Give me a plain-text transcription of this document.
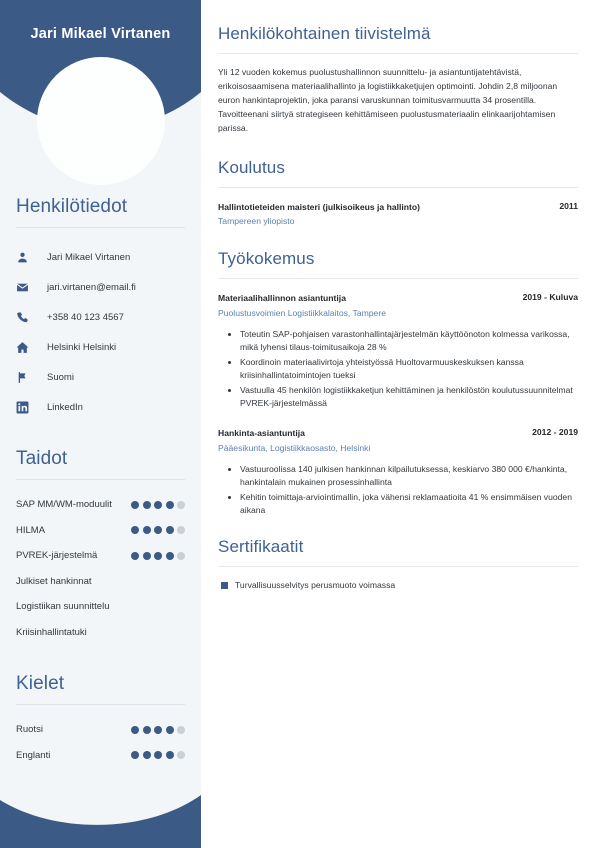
Jari Mikael Virtanen
Henkilötiedot
Jari Mikael Virtanen
jari.virtanen@email.fi
+358 40 123 4567
Helsinki Helsinki
Suomi
LinkedIn
Taidot
SAP MM/WM-moduulit
HILMA
PVREK-järjestelmä
Julkiset hankinnat
Logistiikan suunnittelu
Kriisinhallintatuki
Kielet
Ruotsi
Englanti
Henkilökohtainen tiivistelmä

Yli 12 vuoden kokemus puolustushallinnon suunnittelu- ja asiantuntijatehtävistä, erikoisosaamisena materiaalihallinto ja logistiikkaketjujen optimointi. Johdin 2,8 miljoonan euron hankintaprojektin, joka paransi varuskunnan toimitusvarmuutta 34 prosentilla. Tavoitteenani siirtyä strategiseen kehittämiseen puolustusmateriaalin elinkaarijohtamisen parissa.

Koulutus
Hallintotieteiden maisteri (julkisoikeus ja hallinto)	2011
Tampereen yliopisto
Työkokemus
Materiaalihallinnon asiantuntija	2019 - Kuluva
Puolustusvoimien Logistiikkalaitos, Tampere
• Toteutin SAP-pohjaisen varastonhallintajärjestelmän käyttöönoton kolmessa varikossa, mikä lyhensi tilaus-toimitusaikoja 28 %
• Koordinoin materiaalivirtoja yhteistyössä Huoltovarmuuskeskuksen kanssa kriisinhallintatoimintojen tueksi
• Vastuulla 45 henkilön logistiikkaketjun kehittäminen ja henkilöstön koulutussuunnitelmat PVREK-järjestelmässä
Hankinta-asiantuntija	2012 - 2019
Pääesikunta, Logistiikkaosasto, Helsinki
• Vastuuroolissa 140 julkisen hankinnan kilpailutuksessa, keskiarvo 380 000 €/hankinta, hankintalain mukainen prosessinhallinta
• Kehitin toimittaja-arviointimallin, joka vähensi reklamaatioita 41 % ensimmäisen vuoden aikana
Sertifikaatit
Turvallisuusselvitys perusmuoto voimassa
